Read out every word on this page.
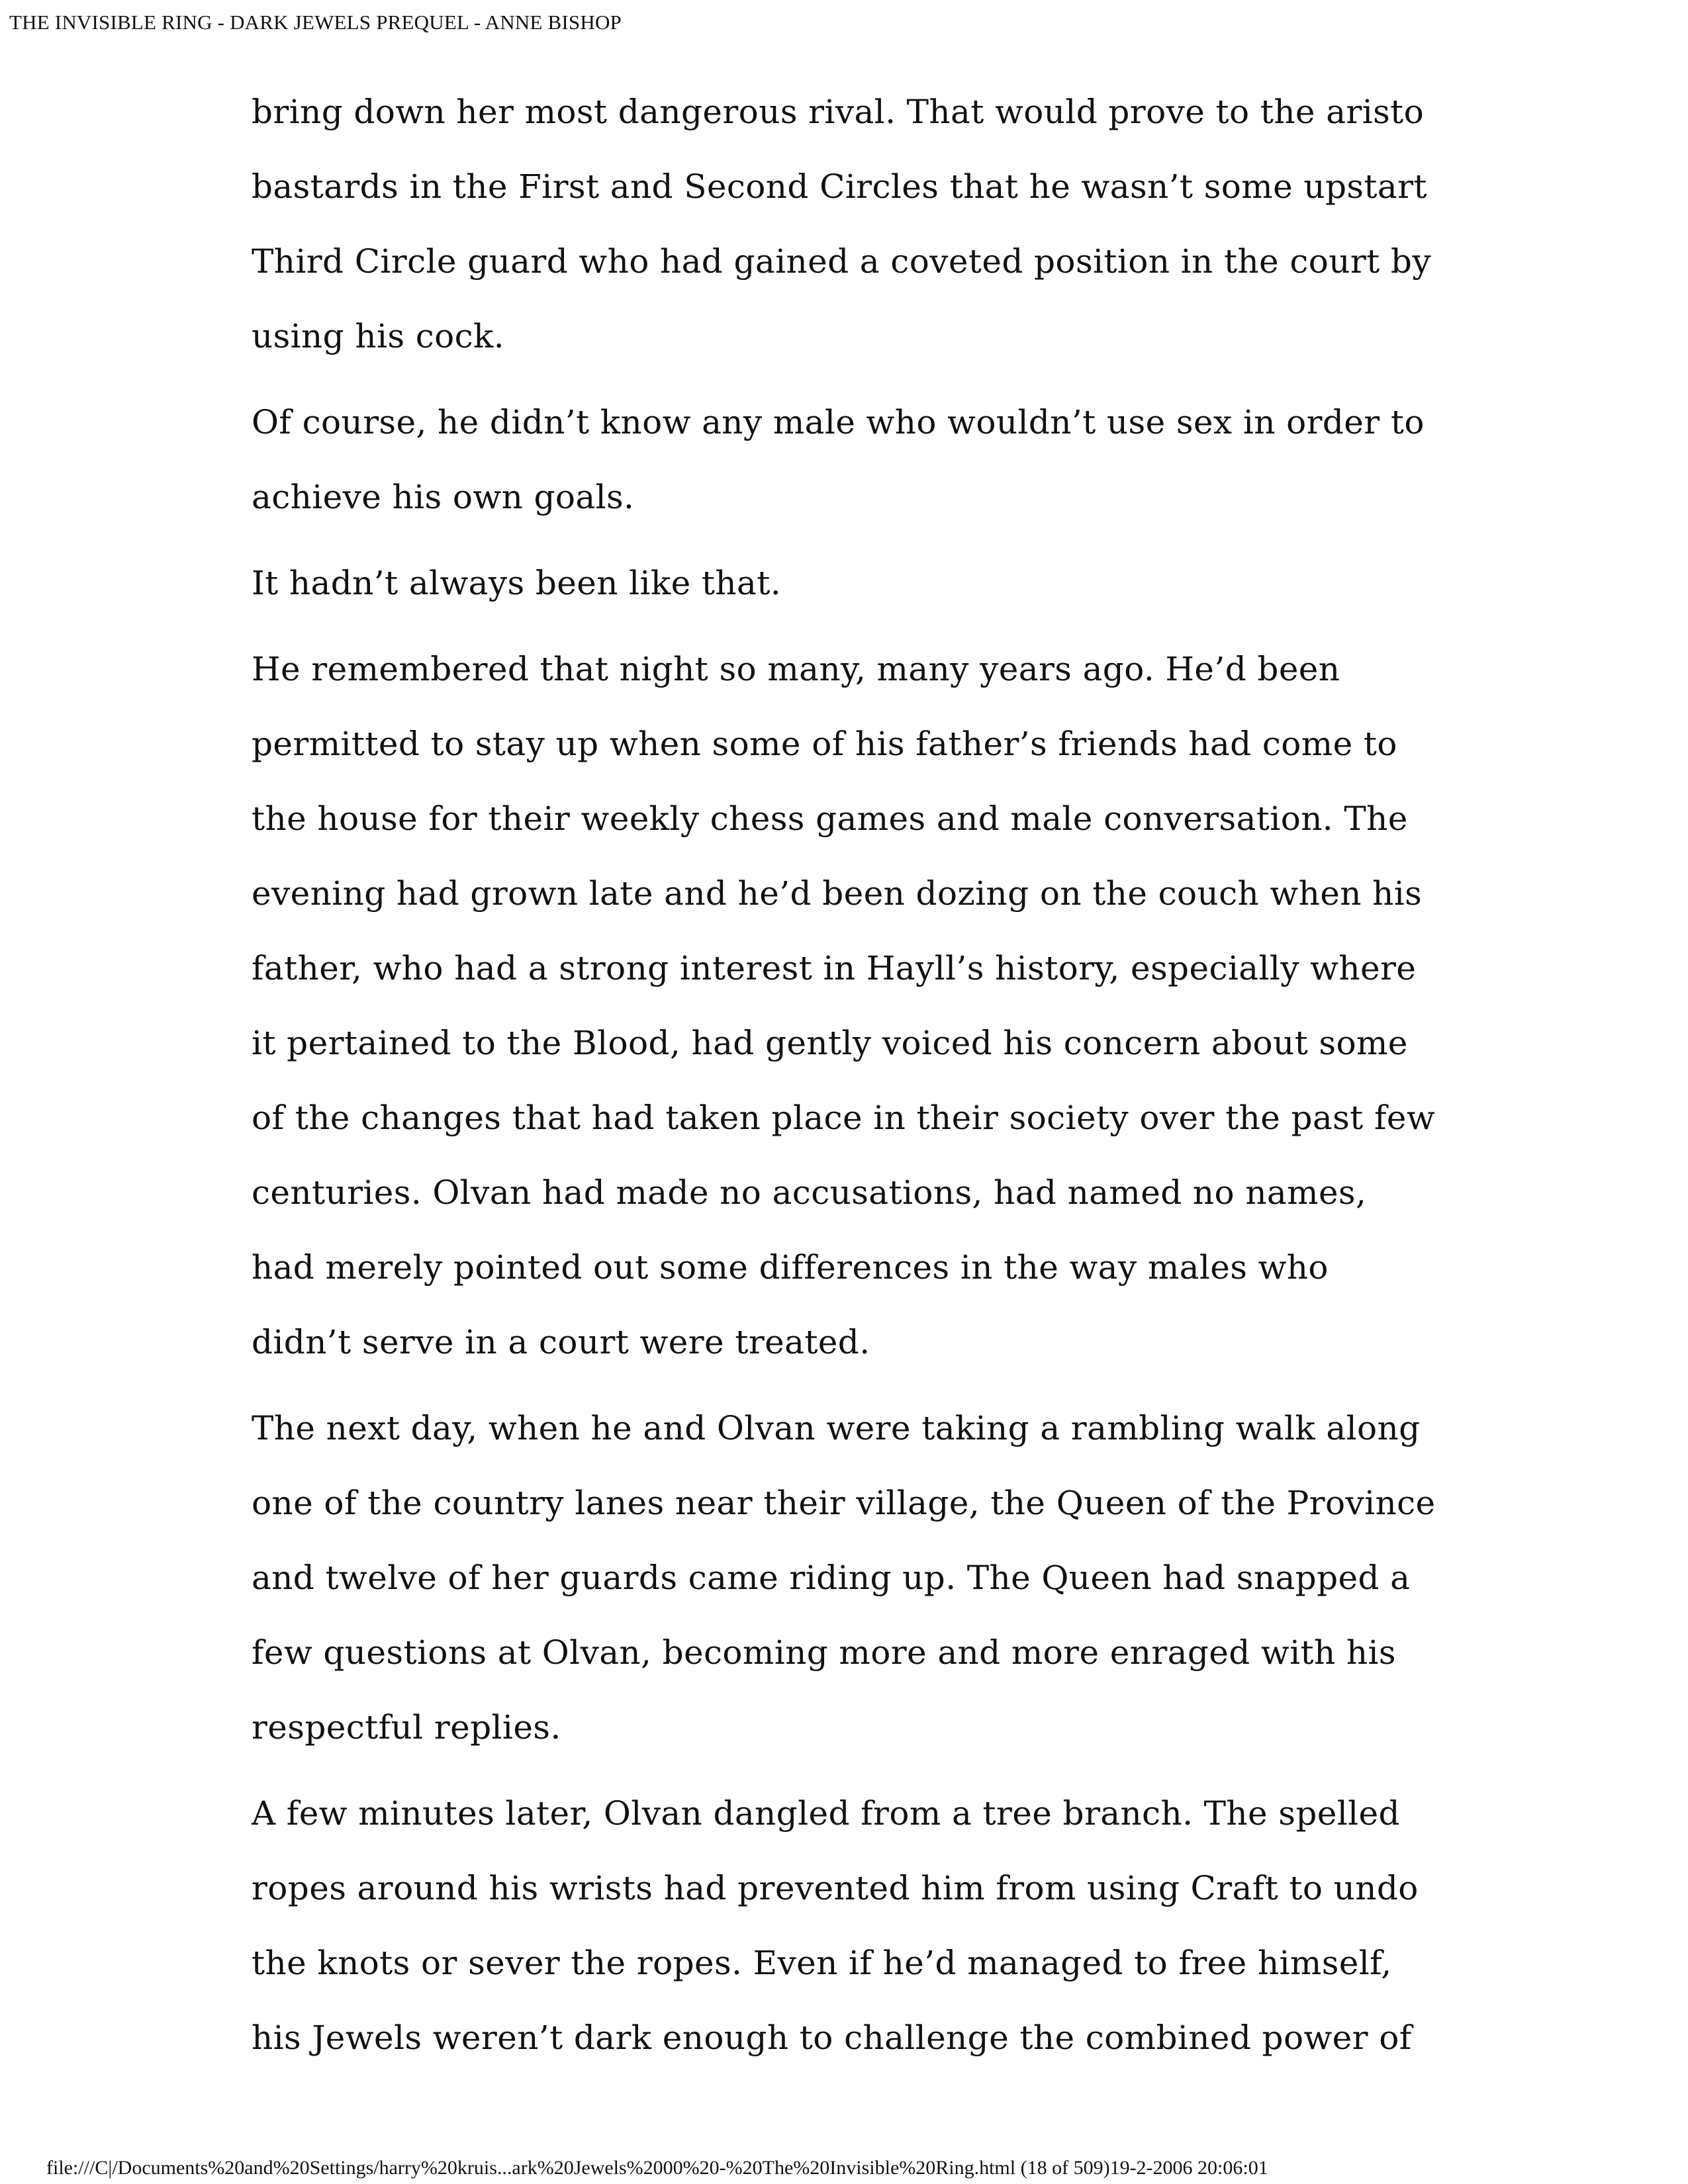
THE INVISIBLE RING - DARK JEWELS PREQUEL - ANNE BISHOP
bring down her most dangerous rival. That would prove to the aristo
bastards in the First and Second Circles that he wasn’t some upstart
Third Circle guard who had gained a coveted position in the court by
using his cock.
Of course, he didn’t know any male who wouldn’t use sex in order to
achieve his own goals.
It hadn’t always been like that.
He remembered that night so many, many years ago. He’d been
permitted to stay up when some of his father’s friends had come to
the house for their weekly chess games and male conversation. The
evening had grown late and he’d been dozing on the couch when his
father, who had a strong interest in Hayll’s history, especially where
it pertained to the Blood, had gently voiced his concern about some
of the changes that had taken place in their society over the past few
centuries. Olvan had made no accusations, had named no names,
had merely pointed out some differences in the way males who
didn’t serve in a court were treated.
The next day, when he and Olvan were taking a rambling walk along
one of the country lanes near their village, the Queen of the Province
and twelve of her guards came riding up. The Queen had snapped a
few questions at Olvan, becoming more and more enraged with his
respectful replies.
A few minutes later, Olvan dangled from a tree branch. The spelled
ropes around his wrists had prevented him from using Craft to undo
the knots or sever the ropes. Even if he’d managed to free himself,
his Jewels weren’t dark enough to challenge the combined power of
file:///C|/Documents%20and%20Settings/harry%20kruis...ark%20Jewels%2000%20-%20The%20Invisible%20Ring.html (18 of 509)19-2-2006 20:06:01
